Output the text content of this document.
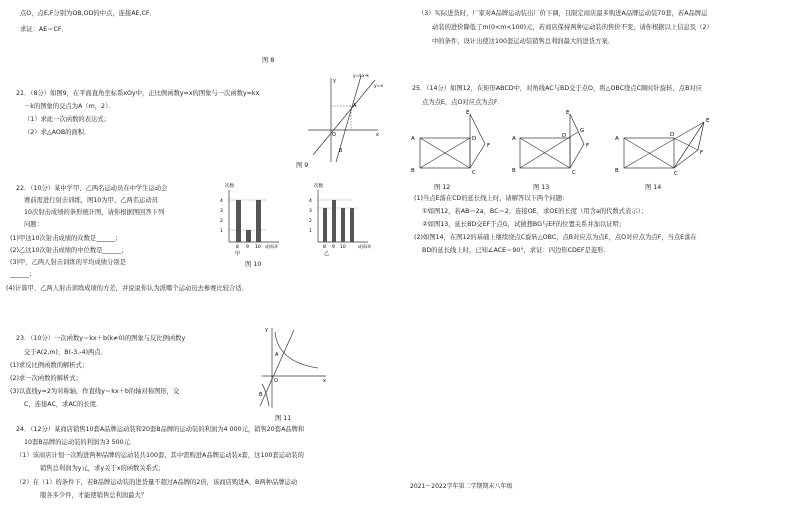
点O，点E,F分别为OB,OD的中点，连接AE,CF．
求证：AE＝CF．
图 8
21．（8分）如图9，在平面直角坐标系xOy中，正比例函数y=x的图象与一次函数y=kx
－k的图象的交点为A（m，2）．
（1）求此一次函数的表达式；
（2）求△AOB的面积．
y=kx-k
y=x
A
O
B
x
y
图 9
22．（10分）某中学甲、乙两名运动员在中学生运动会
赛前需进行射击训练，图10为甲、乙两名运动员
10次射击成绩的条形统计图，请你根据图回答下列
问题：
(1)甲这10次射击成绩的众数是______；
(2)乙这10次射击成绩的中位数是______；
(3)甲、乙两人射击训练的平均成绩分别是
______；
(4)计算甲、乙两人射击训练成绩的方差，并说说你认为派哪个运动员去参赛比较合适．
次数
4
3
2
1
8 9 10 成绩/环
甲
次数
4
3
2
1
8 9 10	成绩/环
乙
图 10
23．（10分）一次函数y＝kx＋b(k≠0)的图象与反比例函数y
交于A(2,m)、B(-3,-4)两点．
(1)求反比例函数的解析式；
(2)求一次函数的解析式；
(3)以直线y=2为对称轴，作直线y＝kx＋b的轴对称图形，交
C，连接AC，求AC的长度．
y
A
O
B
x
图 11
24．（12分）某商店销售10套A品牌运动装和20套B品牌的运动装的利润为4 000元，销售20套A品牌和
10套B品牌的运动装的利润为3 500元．
（1）该商店计划一次购进两种品牌的运动装共100套，其中需购进A品牌运动装x套，这100套运动装的
销售总利润为y元，求y关于x的函数关系式；
（2）在（1）的条件下，若B品牌运动装的进货量不超过A品牌的2倍，该商店购进A、B两种品牌运动
服各多少件，才能使销售总利润最大？
（3）实际进货时，厂家对A品牌运动装出厂价下调，且限定商店最多购进A品牌运动装70套，若A品牌运
动装的进价降低了m(0<m<100)元，若商店保持两种运动装的售价不变，请你根据以上信息及（2）
中的条件，设计出使这100套运动装销售总利润最大的进货方案．
25．（14分）如图12，在矩形ABCD中，对角线AC与BD交于点O，将△OBC绕点C顺时针旋转，点B对应
点为点E，点O对应点为点F．
A
B	C
D
E
F
图 12
A
B	C
D
E
F
G
图 13
A
B	C
D
E
F
图 14
(1)当点E落在CD的延长线上时，请解答以下两个问题：
①如图12，若AB＝2a，BC＝2，连接OE，求OE的长度（用含a的代数式表示）；
②如图13，延长BD交EF于点G，试猜想BG与EF的位置关系并加以证明；
(2)如图14，在图12的基础上继续绕点C旋转△OBC，点B对应点为点E，点O对应点为点F，当点E落在
BD的延长线上时，已知∠ACE＝90°，求证：四边形CDEF是菱形．
2021～2022学年第二学期期末八年级
